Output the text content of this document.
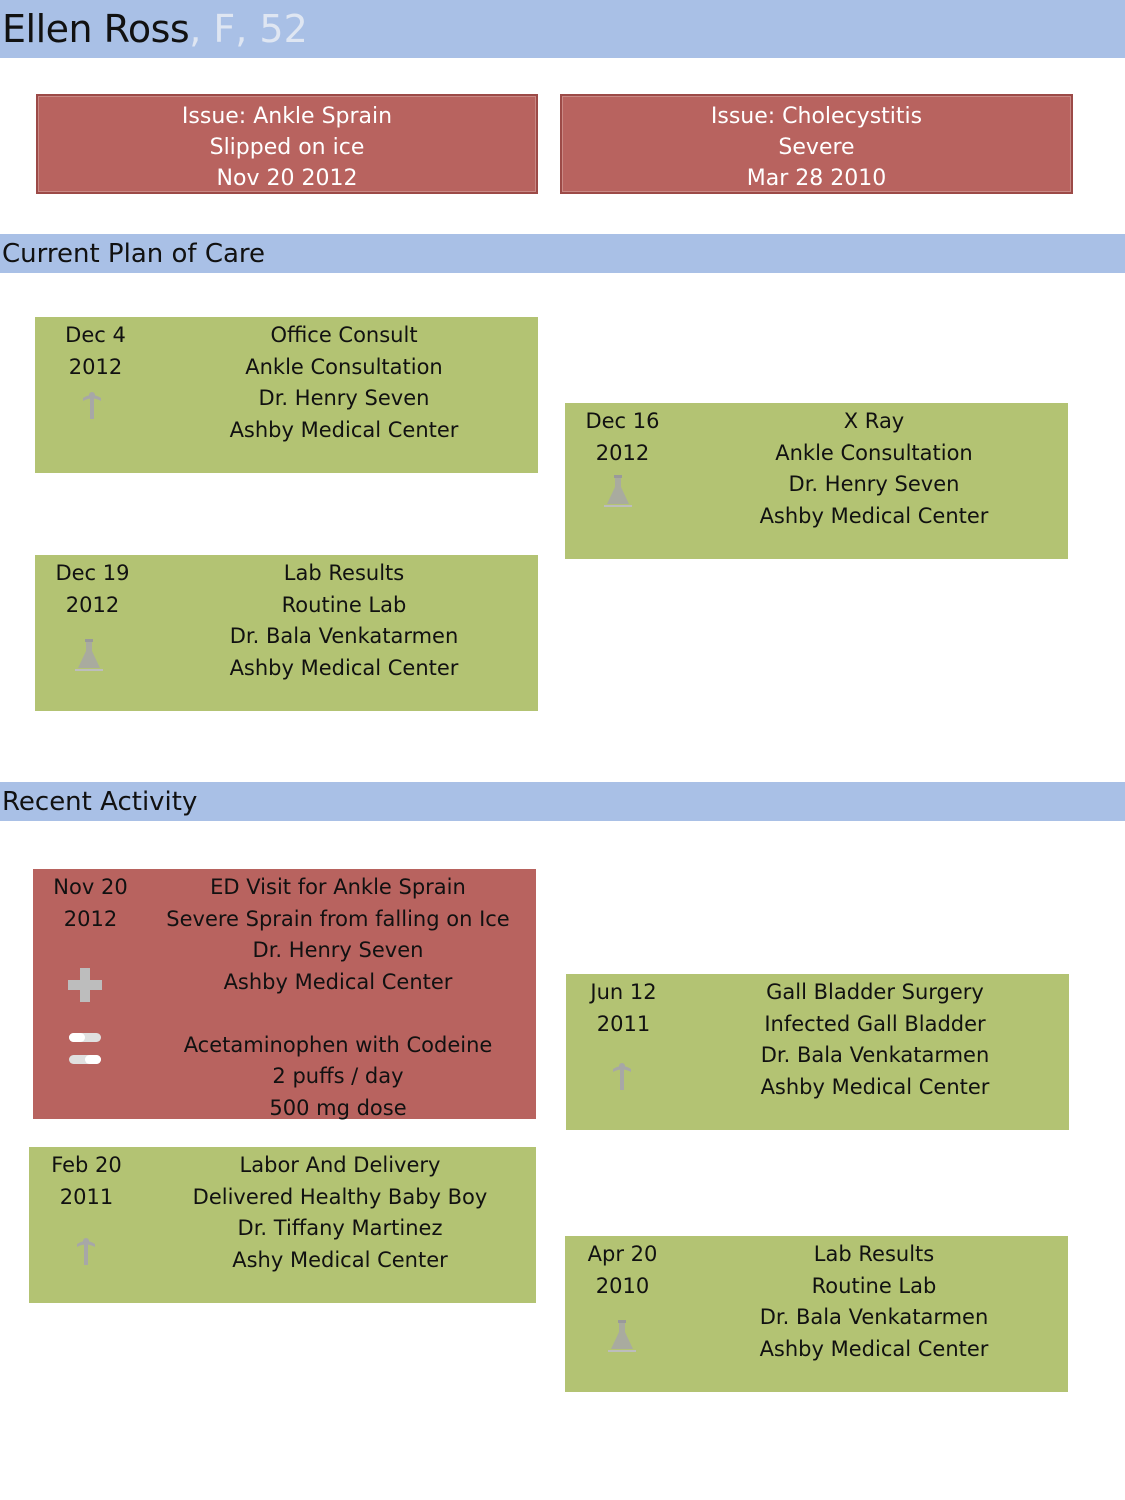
Ellen Ross , F, 52
Issue: Ankle Sprain
Slipped on ice
Nov 20 2012
Issue: Cholecystitis
Severe
Mar 28 2010
Current Plan of Care
Dec 4
2012
Office Consult
Ankle Consultation
Dr. Henry Seven
Ashby Medical Center	Dec 16
2012
X Ray
Ankle Consultation
Dr. Henry Seven
Ashby Medical Center
Dec 19
2012
Lab Results
Routine Lab
Dr. Bala Venkatarmen
Ashby Medical Center
Recent Activity
Nov 20
2012
ED Visit for Ankle Sprain
Severe Sprain from falling on Ice
Dr. Henry Seven
Ashby Medical Center
Acetaminophen with Codeine
2 puffs / day
500 mg dose
Jun 12
2011
Gall Bladder Surgery
Infected Gall Bladder
Dr. Bala Venkatarmen
Ashby Medical Center
Feb 20
2011
Labor And Delivery
Delivered Healthy Baby Boy
Dr. Tiffany Martinez
Ashy Medical Center	Apr 20
2010
Lab Results
Routine Lab
Dr. Bala Venkatarmen
Ashby Medical Center
